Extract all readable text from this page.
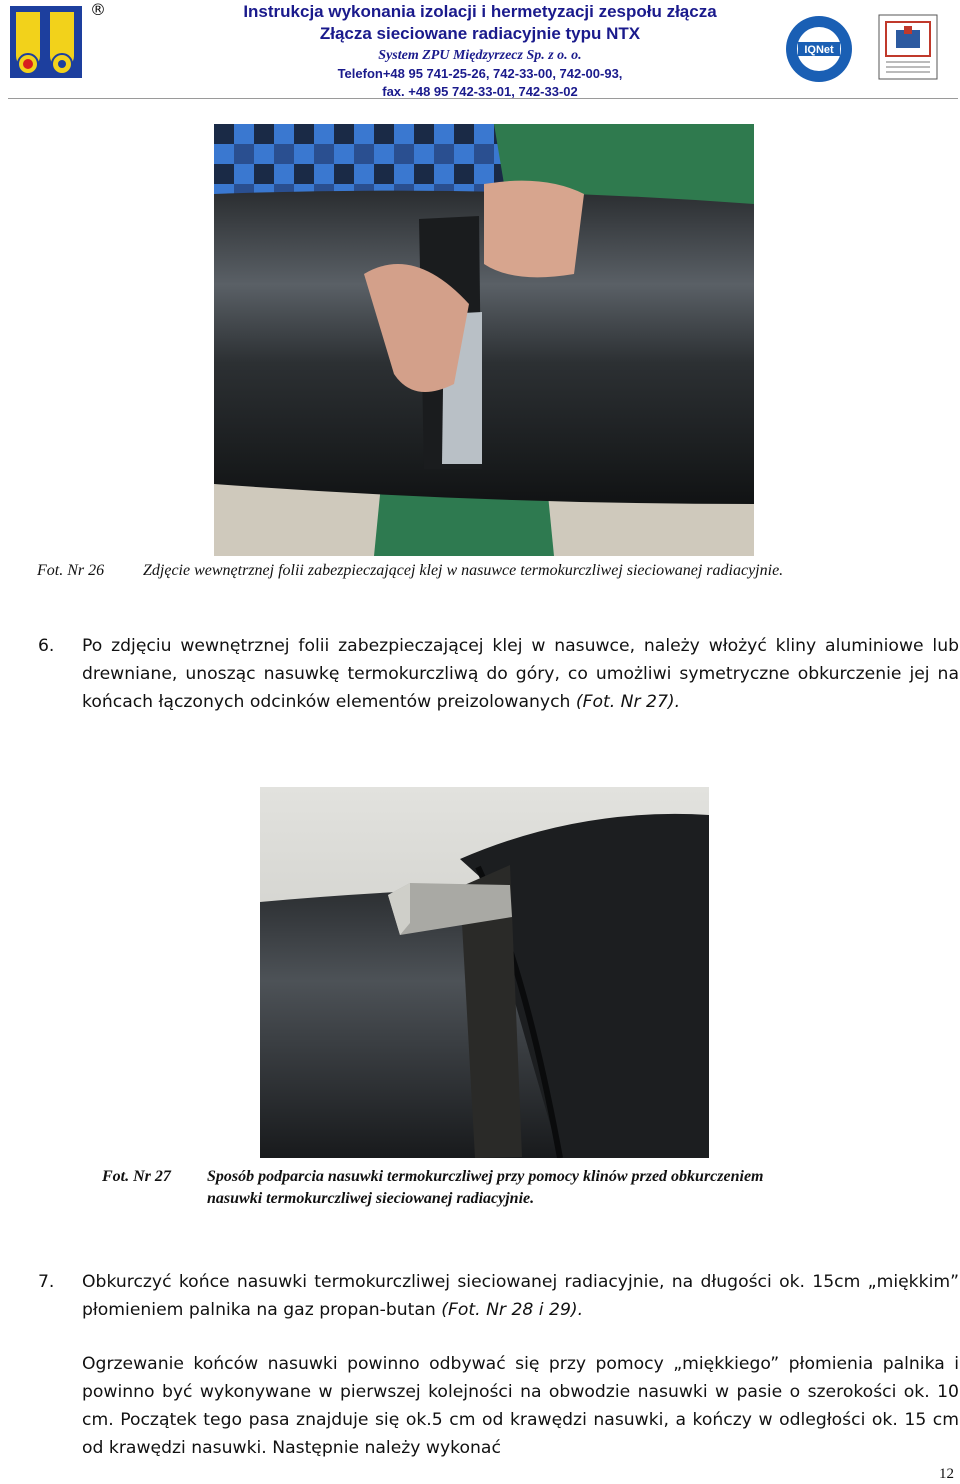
®	Instrukcja wykonania izolacji i hermetyzacji zespołu złącza
Złącza sieciowane radiacyjnie typu NTX
System ZPU Międzyrzecz Sp. z o. o.
Telefon+48 95 741-25-26, 742-33-00, 742-00-93,
fax. +48 95 742-33-01, 742-33-02
IQNet
Fot. Nr 26 Zdjęcie wewnętrznej folii zabezpieczającej klej w nasuwce termokurczliwej sieciowanej radiacyjnie.
6. Po zdjęciu wewnętrznej folii zabezpieczającej klej w nasuwce, należy włożyć kliny aluminiowe lub drewniane, unosząc nasuwkę termokurczliwą do góry, co umożliwi symetryczne obkurczenie jej na końcach łączonych odcinków elementów preizolowanych (Fot. Nr 27).
Fot. Nr 27 Sposób podparcia nasuwki termokurczliwej przy pomocy klinów przed obkurczeniem nasuwki termokurczliwej sieciowanej radiacyjnie.
7. Obkurczyć końce nasuwki termokurczliwej sieciowanej radiacyjnie, na długości ok. 15cm „miękkim” płomieniem palnika na gaz propan-butan (Fot. Nr 28 i 29).
Ogrzewanie końców nasuwki powinno odbywać się przy pomocy „miękkiego” płomienia palnika i powinno być wykonywane w pierwszej kolejności na obwodzie nasuwki w pasie o szerokości ok. 10 cm. Początek tego pasa znajduje się ok.5 cm od krawędzi nasuwki, a kończy w odległości ok. 15 cm od krawędzi nasuwki. Następnie należy wykonać
12
